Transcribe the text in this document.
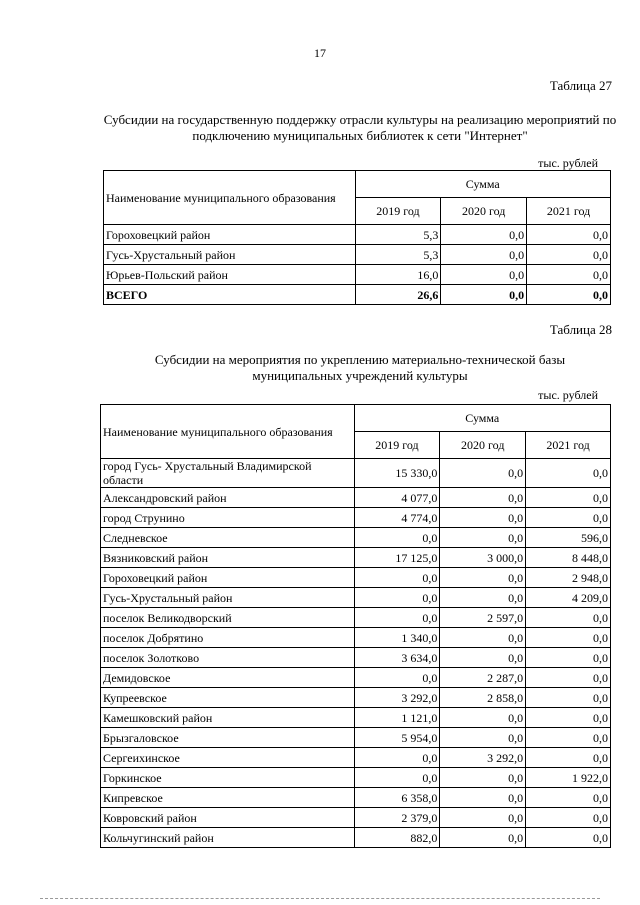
17
Таблица 27
Субсидии на государственную поддержку отрасли культуры на реализацию мероприятий по
подключению муниципальных библиотек к сети "Интернет"
тыс. рублей
Наименование муниципального образования	Сумма		
	2019 год	2020 год	2021 год
Гороховецкий район	5,3	0,0	0,0
Гусь-Хрустальный район	5,3	0,0	0,0
Юрьев-Польский район	16,0	0,0	0,0
ВСЕГО	26,6	0,0	0,0
Таблица 28
Субсидии на мероприятия по укреплению материально-технической базы
муниципальных учреждений культуры
тыс. рублей
Наименование муниципального образования	Сумма		
	2019 год	2020 год	2021 год
город Гусь- Хрустальный Владимирской области	15 330,0	0,0	0,0
Александровский район	4 077,0	0,0	0,0
город Струнино	4 774,0	0,0	0,0
Следневское	0,0	0,0	596,0
Вязниковский район	17 125,0	3 000,0	8 448,0
Гороховецкий район	0,0	0,0	2 948,0
Гусь-Хрустальный район	0,0	0,0	4 209,0
поселок Великодворский	0,0	2 597,0	0,0
поселок Добрятино	1 340,0	0,0	0,0
поселок Золотково	3 634,0	0,0	0,0
Демидовское	0,0	2 287,0	0,0
Купреевское	3 292,0	2 858,0	0,0
Камешковский район	1 121,0	0,0	0,0
Брызгаловское	5 954,0	0,0	0,0
Сергеихинское	0,0	3 292,0	0,0
Горкинское	0,0	0,0	1 922,0
Кипревское	6 358,0	0,0	0,0
Ковровский район	2 379,0	0,0	0,0
Кольчугинский район	882,0	0,0	0,0
